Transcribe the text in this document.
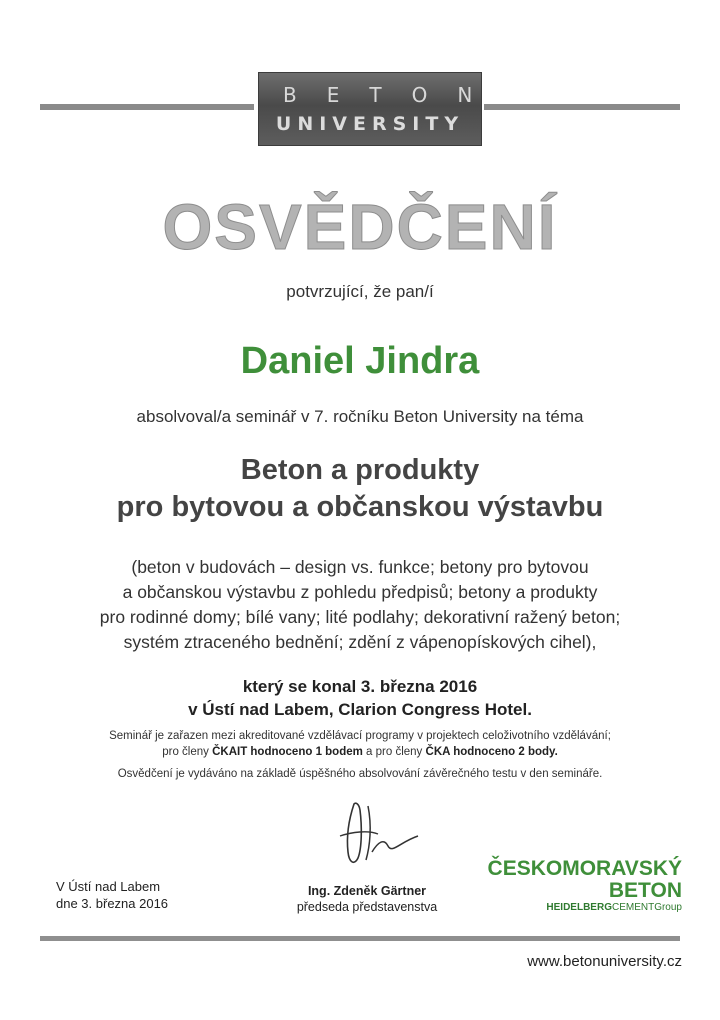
BETON
UNIVERSITY
OSVĚDČENÍ
potvrzující, že pan/í
Daniel Jindra
absolvoval/a seminář v 7. ročníku Beton University na téma
Beton a produkty
pro bytovou a občanskou výstavbu
(beton v budovách – design vs. funkce; betony pro bytovou
a občanskou výstavbu z pohledu předpisů; betony a produkty
pro rodinné domy; bílé vany; lité podlahy; dekorativní ražený beton;
systém ztraceného bednění; zdění z vápenopískových cihel),
který se konal 3. března 2016
v Ústí nad Labem, Clarion Congress Hotel.
Seminář je zařazen mezi akreditované vzdělávací programy v projektech celoživotního vzdělávání;
pro členy ČKAIT hodnoceno 1 bodem a pro členy ČKA hodnoceno 2 body.
Osvědčení je vydáváno na základě úspěšného absolvování závěrečného testu v den semináře.
V Ústí nad Labem
dne 3. března 2016
Ing. Zdeněk Gärtner
předseda představenstva
ČESKOMORAVSKÝ
BETON
HEIDELBERGCEMENTGroup
www.betonuniversity.cz
